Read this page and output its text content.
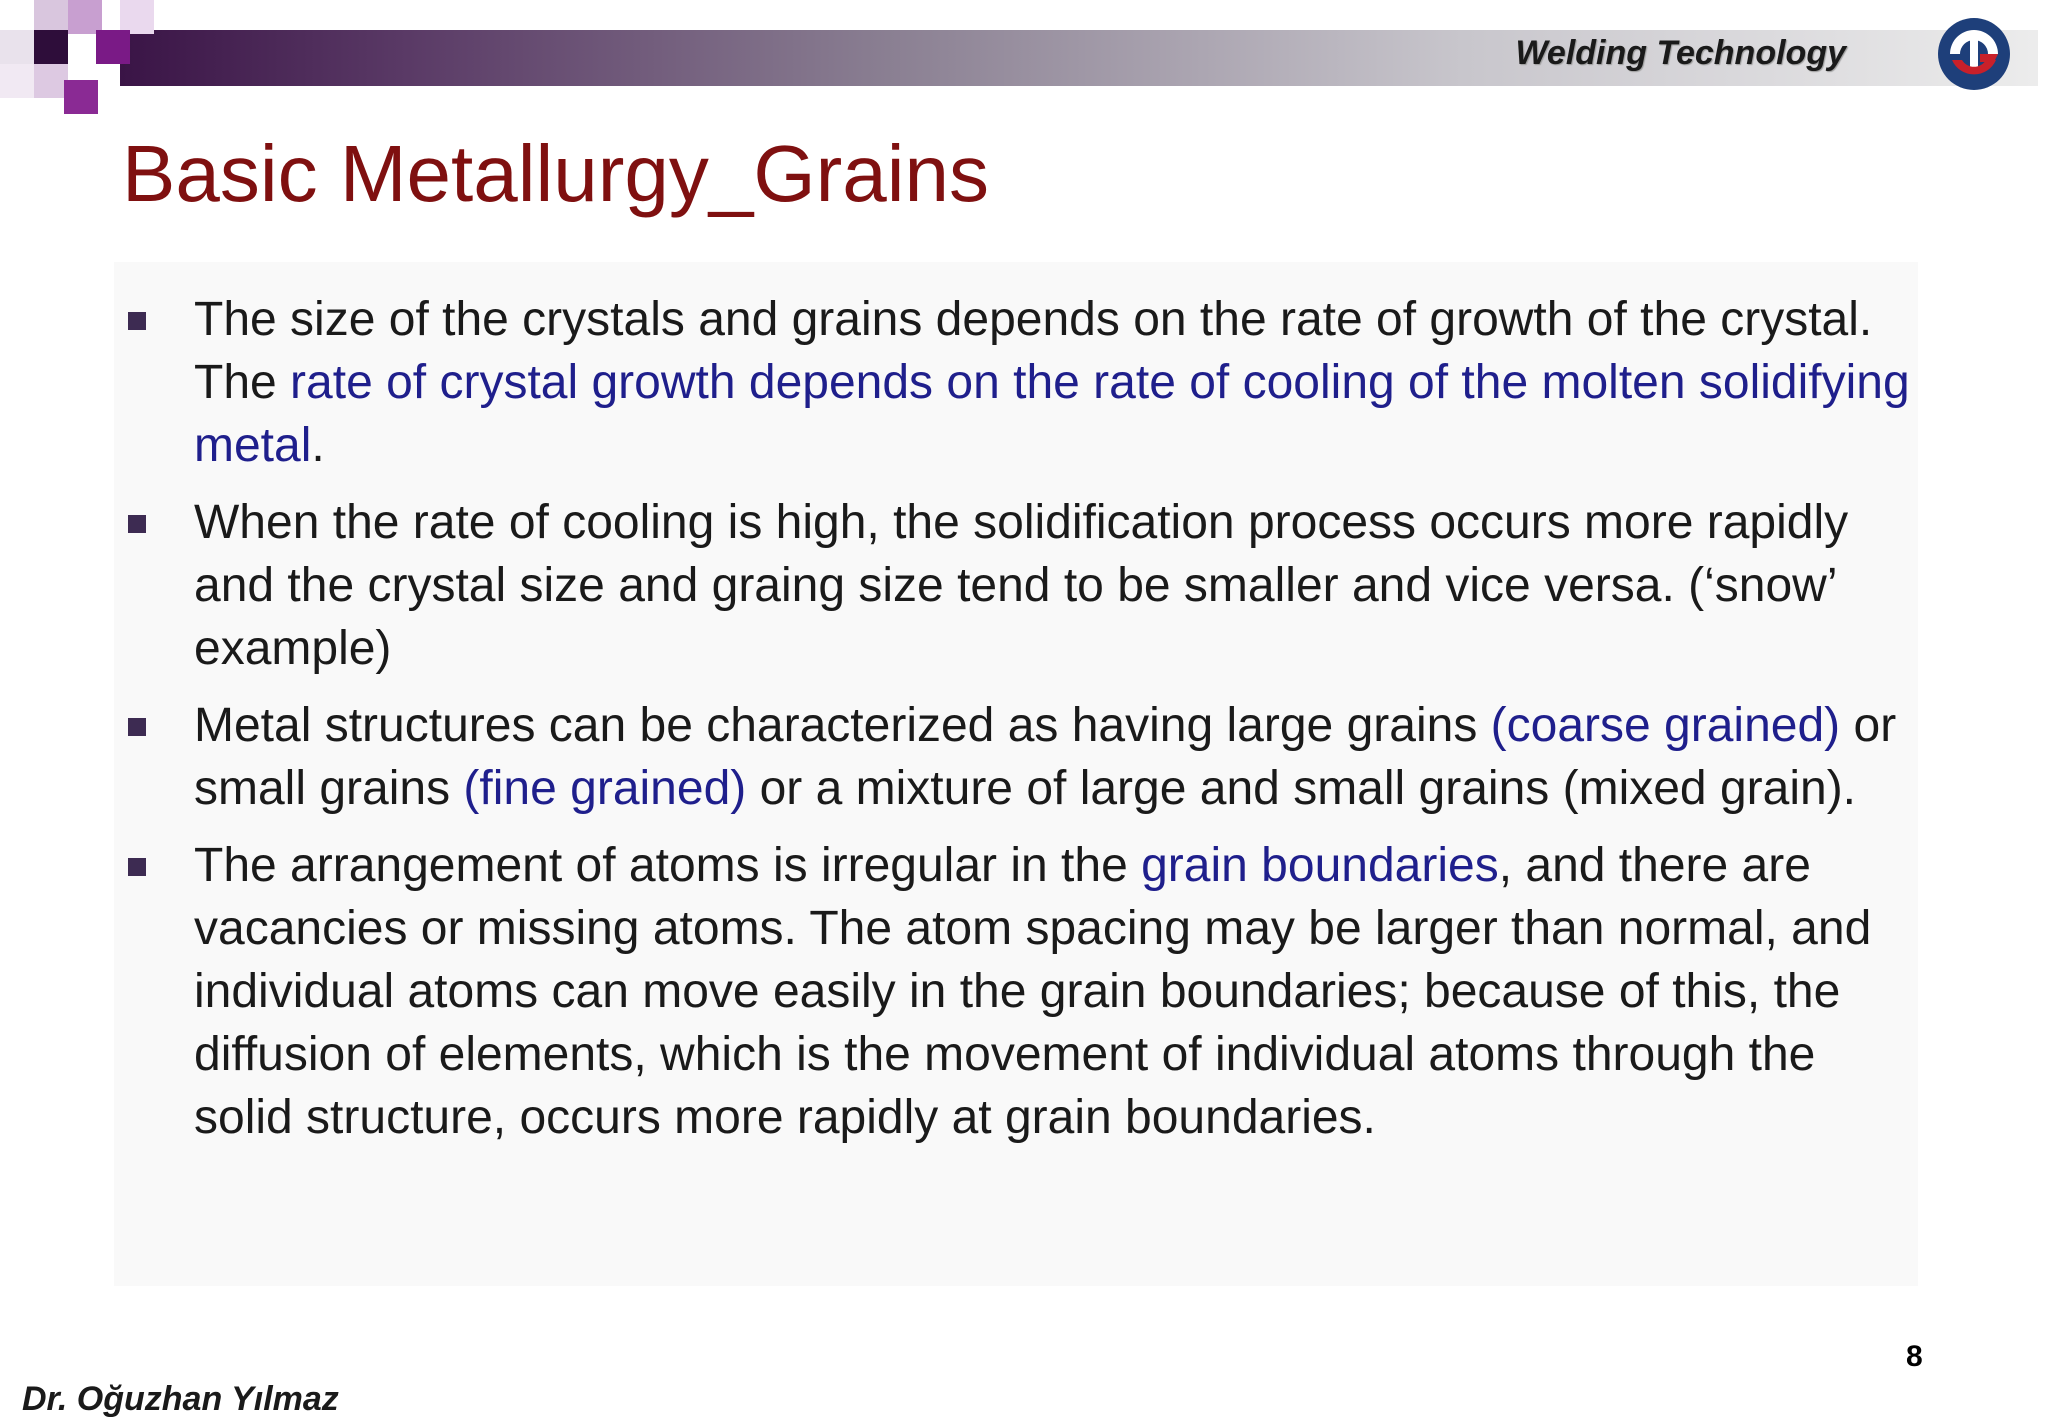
Welding Technology
Basic Metallurgy_Grains
The size of the crystals and grains depends on the rate of growth of the crystal. The rate of crystal growth depends on the rate of cooling of the molten solidifying metal.
When the rate of cooling is high, the solidification process occurs more rapidly and the crystal size and graing size tend to be smaller and vice versa. (‘snow’ example)
Metal structures can be characterized as having large grains (coarse grained) or small grains (fine grained) or a mixture of large and small grains (mixed grain).
The arrangement of atoms is irregular in the grain boundaries, and there are vacancies or missing atoms. The atom spacing may be larger than normal, and individual atoms can move easily in the grain boundaries; because of this, the diffusion of elements, which is the movement of individual atoms through the solid structure, occurs more rapidly at grain boundaries.
8
Dr. Oğuzhan Yılmaz
